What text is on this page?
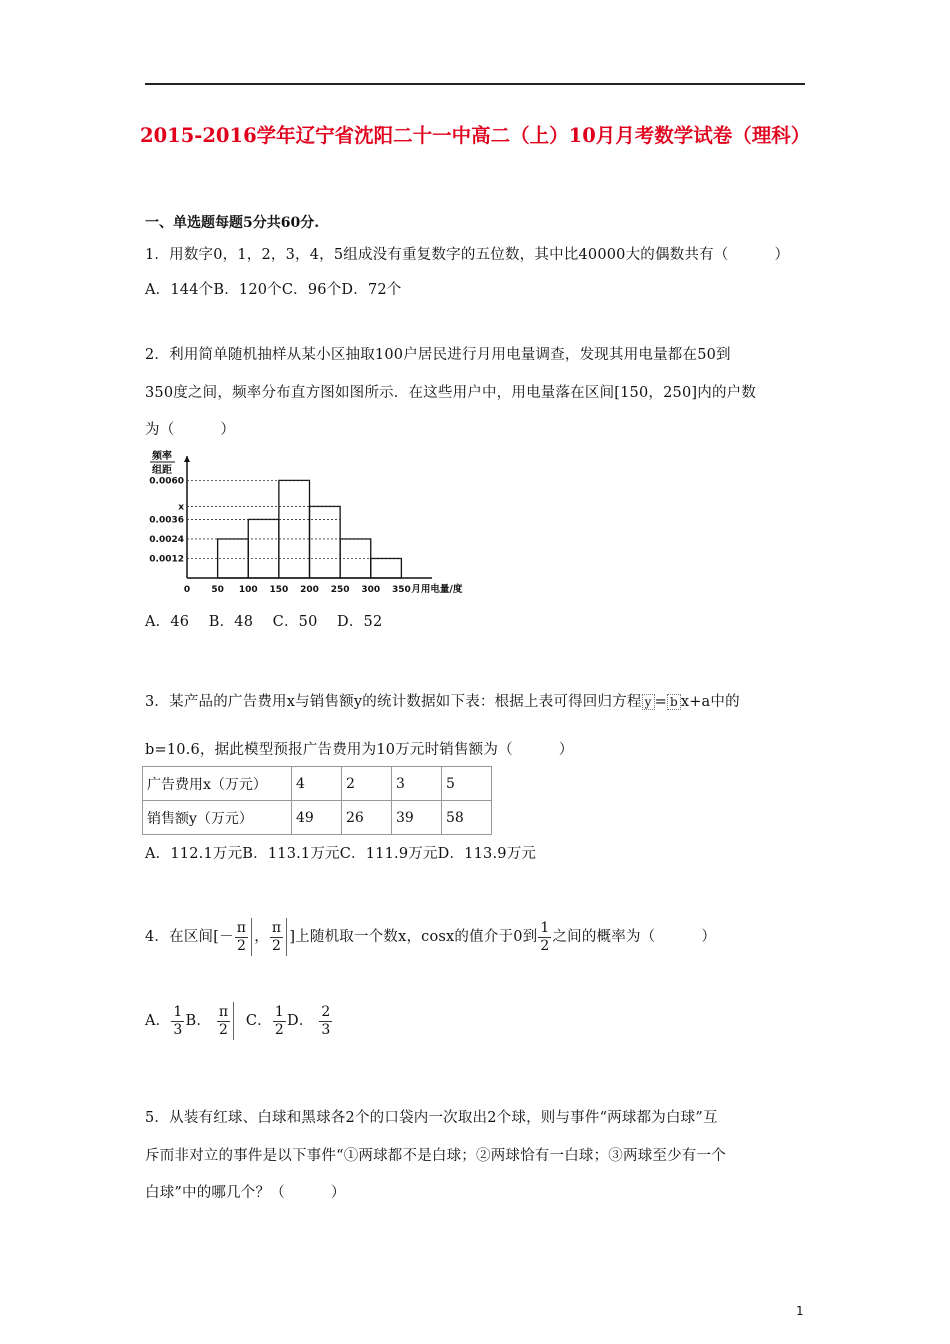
2015-2016学年辽宁省沈阳二十一中高二（上）10月月考数学试卷（理科）
一、单选题每题5分共60分.
1．用数字0，1，2，3，4，5组成没有重复数字的五位数，其中比40000大的偶数共有（	）
A．144个B．120个C．96个D．72个
2．利用简单随机抽样从某小区抽取100户居民进行月用电量调查，发现其用电量都在50到
350度之间，频率分布直方图如图所示．在这些用户中，用电量落在区间[150，250]内的户数
为（	）
0.0012
0.0024
0.0036
x
0.0060
0 50 100 150 200 250 300 350 月用电量/度
频率
组距
A．46　 B．48　 C．50　 D．52
3．某产品的广告费用x与销售额y的统计数据如下表：根据上表可得回归方程 y = b x+a中的
b=10.6，据此模型预报广告费用为10万元时销售额为（	）
广告费用x（万元）	4	2	3	5
销售额y（万元）	49	26	39	58
A．112.1万元B．113.1万元C．111.9万元D．113.9万元
4．在区间[－ $\frac{\pi}{2}$ ， $\frac{\pi}{2}$ ]上随机取一个数x，cosx的值介于0到 $\frac{1}{2}$ 之间的概率为（	）
A． $\frac{1}{3}$ B． $\frac{\pi}{2}$ C． $\frac{1}{2}$ D． $\frac{2}{3}$
5．从装有红球、白球和黑球各2个的口袋内一次取出2个球，则与事件“两球都为白球”互
斥而非对立的事件是以下事件“①两球都不是白球；②两球恰有一白球；③两球至少有一个
白球”中的哪几个？（	）
1
